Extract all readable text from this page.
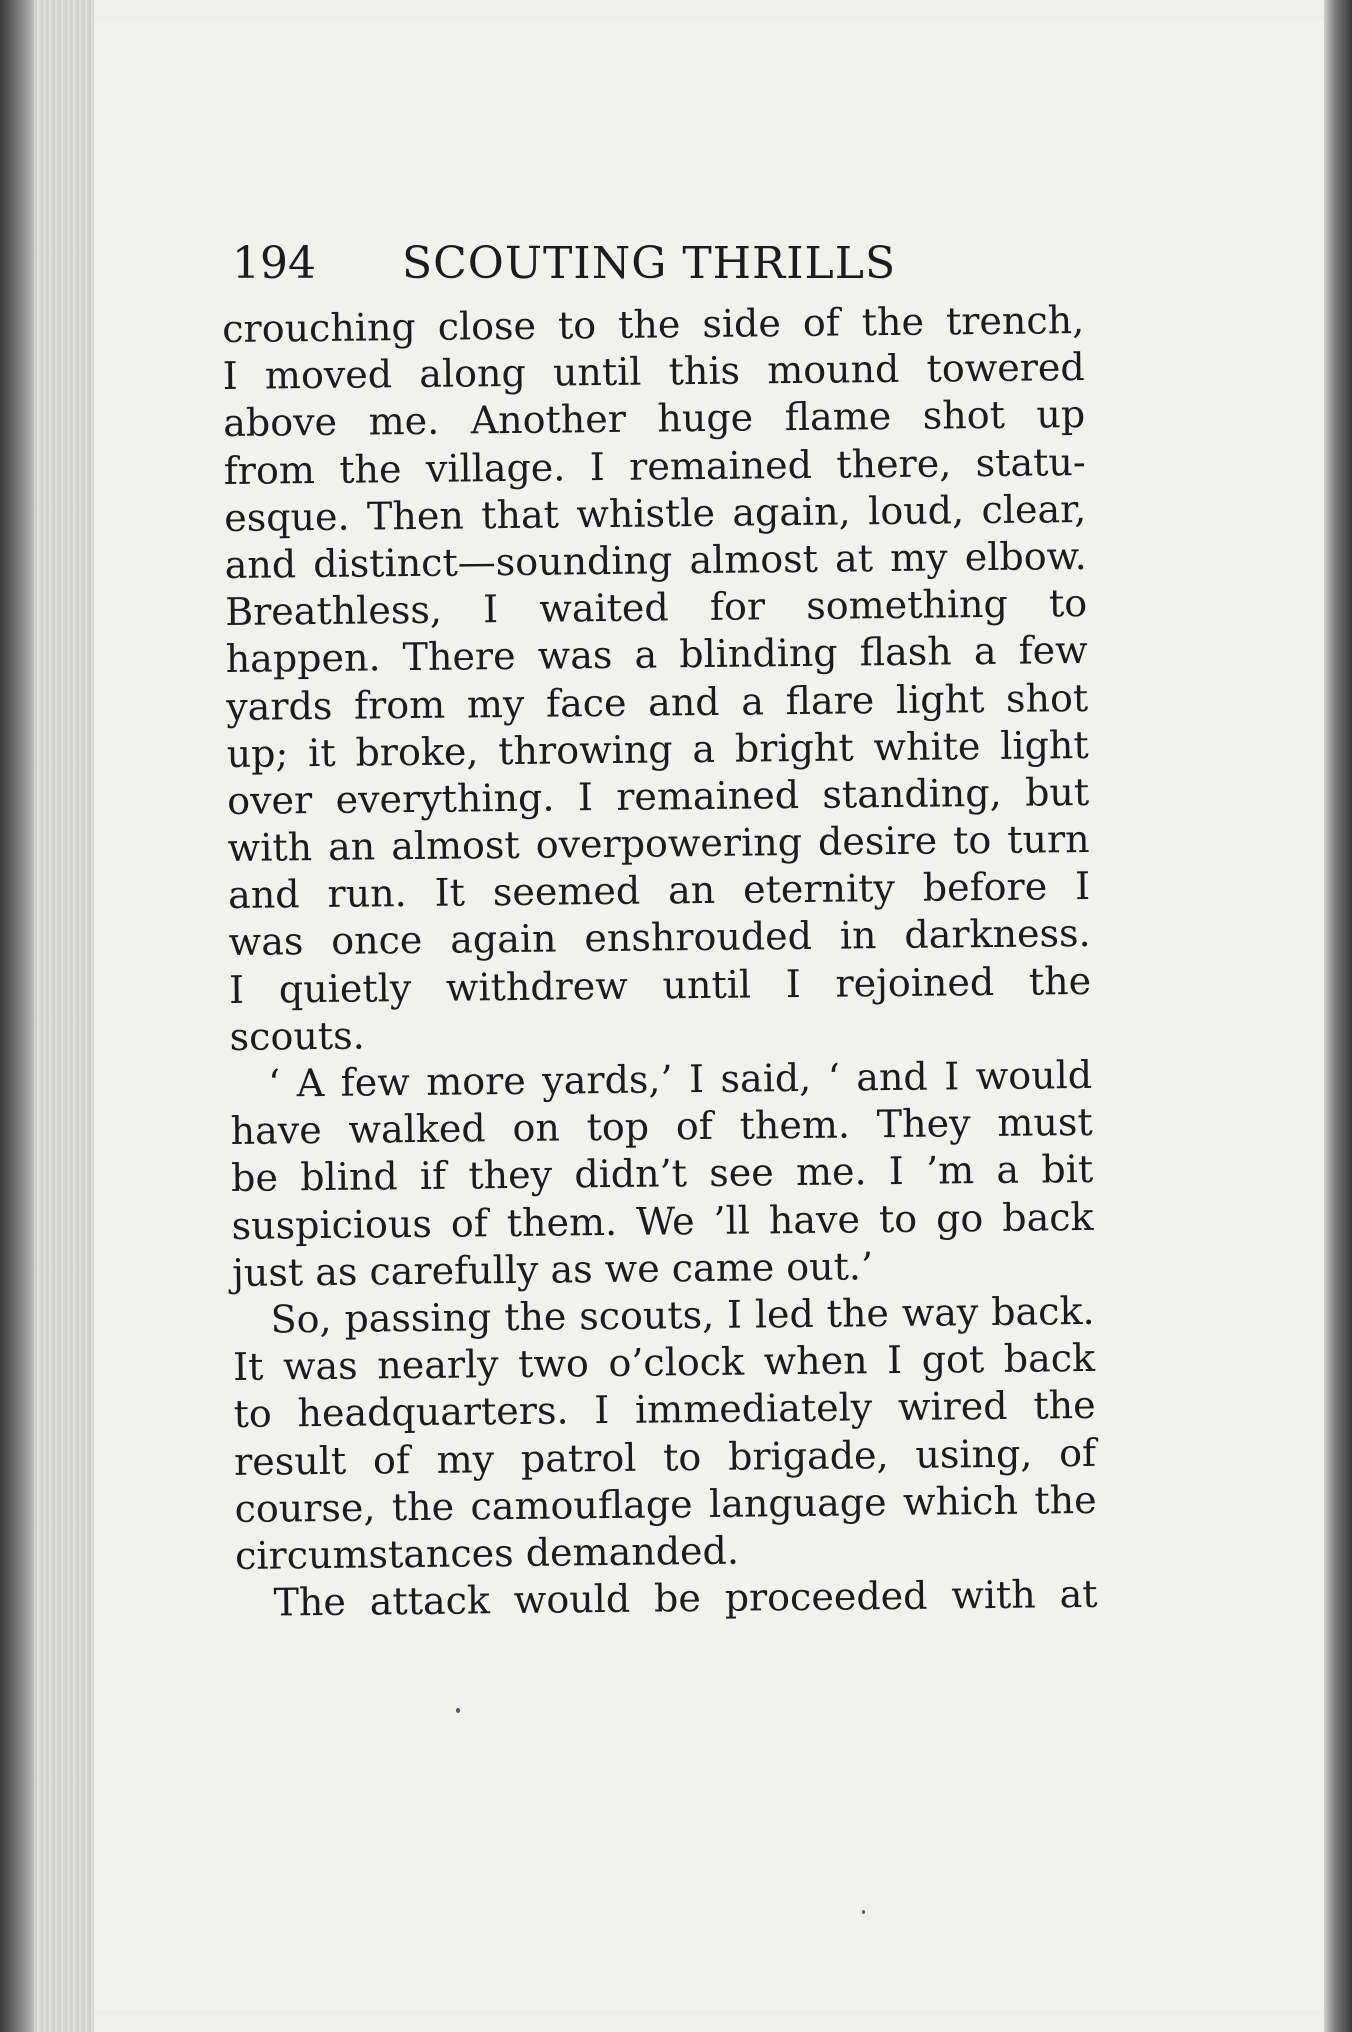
194 SCOUTING THRILLS
crouching close to the side of the trench,
I moved along until this mound towered
above me. Another huge flame shot up
from the village. I remained there, statu-
esque. Then that whistle again, loud, clear,
and distinct—sounding almost at my elbow.
Breathless, I waited for something to
happen. There was a blinding flash a few
yards from my face and a flare light shot
up; it broke, throwing a bright white light
over everything. I remained standing, but
with an almost overpowering desire to turn
and run. It seemed an eternity before I
was once again enshrouded in darkness.
I quietly withdrew until I rejoined the
scouts.
‘ A few more yards,’ I said, ‘ and I would
have walked on top of them. They must
be blind if they didn’t see me. I ’m a bit
suspicious of them. We ’ll have to go back
just as carefully as we came out.’
So, passing the scouts, I led the way back.
It was nearly two o’clock when I got back
to headquarters. I immediately wired the
result of my patrol to brigade, using, of
course, the camouflage language which the
circumstances demanded.
The attack would be proceeded with at
